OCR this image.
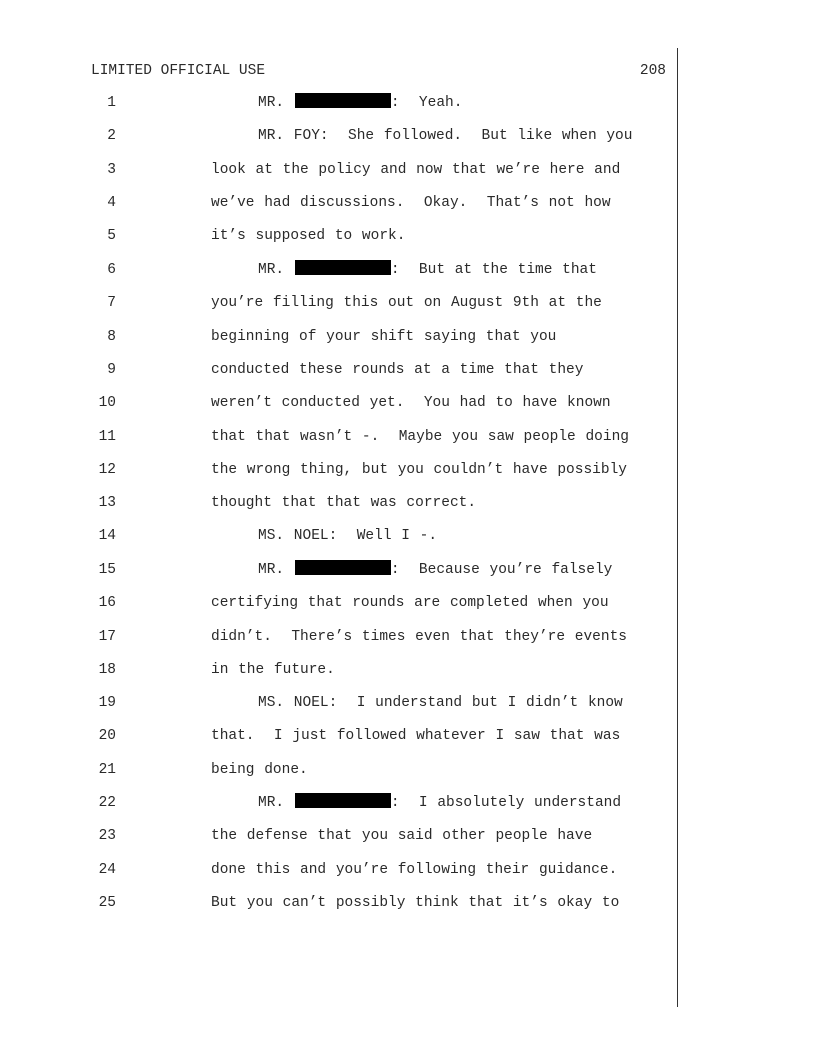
LIMITED OFFICIAL USE	208
1	MR.	:  Yeah.
2	MR. FOY:  She followed.  But like when you
3	look at the policy and now that we’re here and
4	we’ve had discussions.  Okay.  That’s not how
5	it’s supposed to work.
6	MR.	:  But at the time that
7	you’re filling this out on August 9th at the
8	beginning of your shift saying that you
9	conducted these rounds at a time that they
10	weren’t conducted yet.  You had to have known
11	that that wasn’t -.  Maybe you saw people doing
12	the wrong thing, but you couldn’t have possibly
13	thought that that was correct.
14	MS. NOEL:  Well I -.
15	MR.	:  Because you’re falsely
16	certifying that rounds are completed when you
17	didn’t.  There’s times even that they’re events
18	in the future.
19	MS. NOEL:  I understand but I didn’t know
20	that.  I just followed whatever I saw that was
21	being done.
22	MR.	:  I absolutely understand
23	the defense that you said other people have
24	done this and you’re following their guidance.
25	But you can’t possibly think that it’s okay to
